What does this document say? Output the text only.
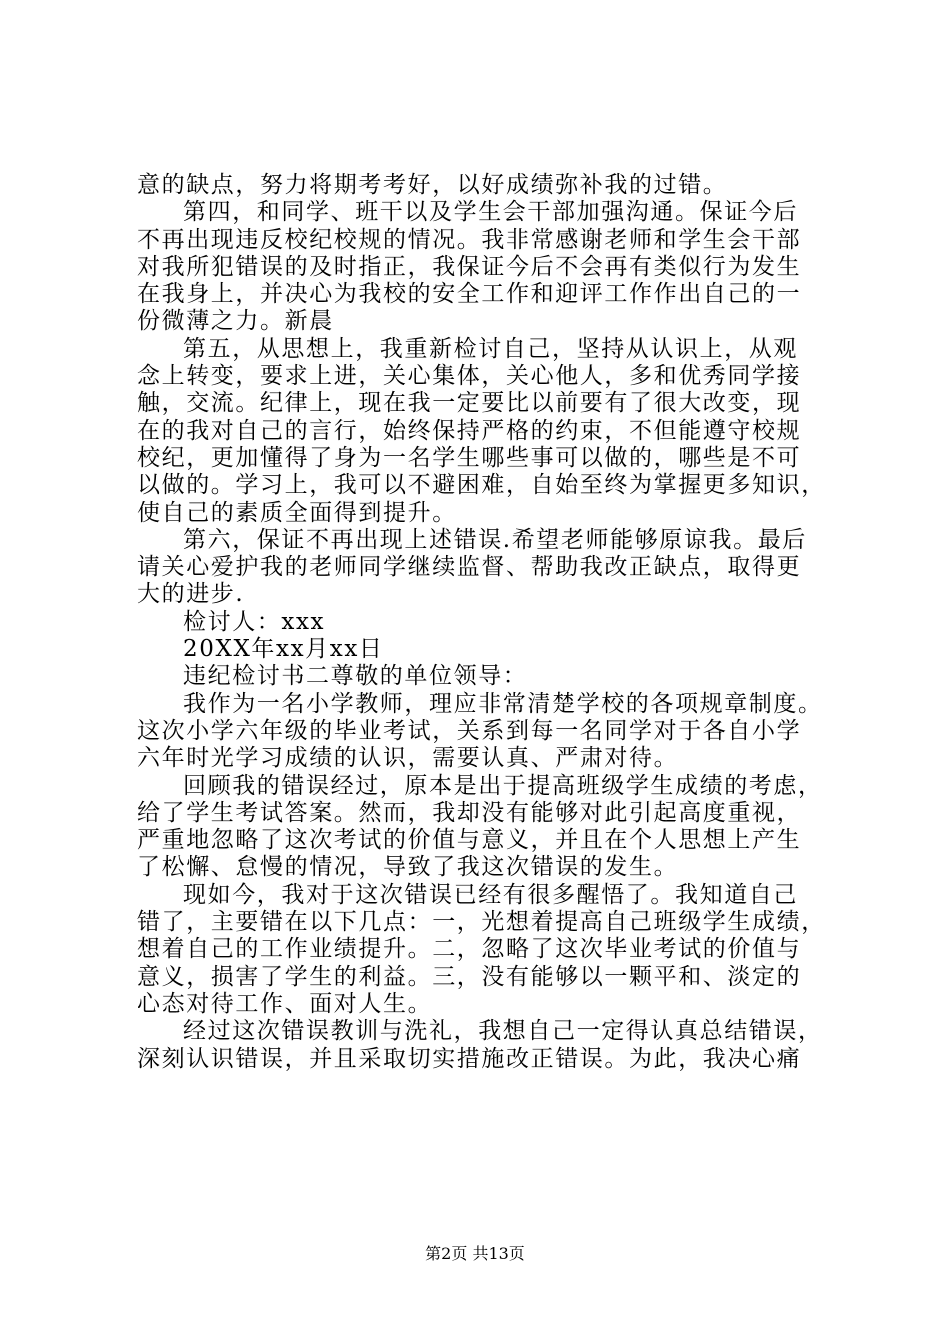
意的缺点，努力将期考考好，以好成绩弥补我的过错。
第四，和同学、班干以及学生会干部加强沟通。保证今后
不再出现违反校纪校规的情况。我非常感谢老师和学生会干部
对我所犯错误的及时指正，我保证今后不会再有类似行为发生
在我身上，并决心为我校的安全工作和迎评工作作出自己的一
份微薄之力。新晨
第五，从思想上，我重新检讨自己，坚持从认识上，从观
念上转变，要求上进，关心集体，关心他人，多和优秀同学接
触，交流。纪律上，现在我一定要比以前要有了很大改变，现
在的我对自己的言行，始终保持严格的约束，不但能遵守校规
校纪，更加懂得了身为一名学生哪些事可以做的，哪些是不可
以做的。学习上，我可以不避困难，自始至终为掌握更多知识，
使自己的素质全面得到提升。
第六，保证不再出现上述错误.希望老师能够原谅我。最后
请关心爱护我的老师同学继续监督、帮助我改正缺点，取得更
大的进步.
检讨人：xxx
20XX年xx月xx日
违纪检讨书二尊敬的单位领导：
我作为一名小学教师，理应非常清楚学校的各项规章制度。
这次小学六年级的毕业考试，关系到每一名同学对于各自小学
六年时光学习成绩的认识，需要认真、严肃对待。
回顾我的错误经过，原本是出于提高班级学生成绩的考虑，
给了学生考试答案。然而，我却没有能够对此引起高度重视，
严重地忽略了这次考试的价值与意义，并且在个人思想上产生
了松懈、怠慢的情况，导致了我这次错误的发生。
现如今，我对于这次错误已经有很多醒悟了。我知道自己
错了，主要错在以下几点：一，光想着提高自己班级学生成绩，
想着自己的工作业绩提升。二，忽略了这次毕业考试的价值与
意义，损害了学生的利益。三，没有能够以一颗平和、淡定的
心态对待工作、面对人生。
经过这次错误教训与洗礼，我想自己一定得认真总结错误，
深刻认识错误，并且采取切实措施改正错误。为此，我决心痛
第2页 共13页
